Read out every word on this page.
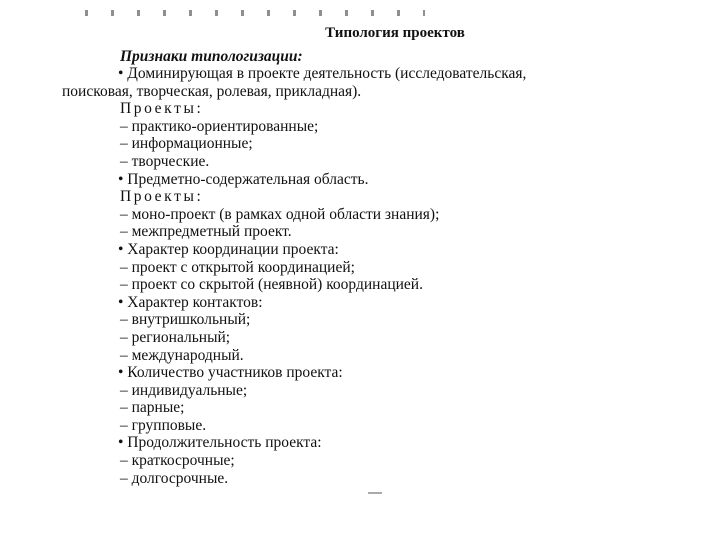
Типология проектов
Признаки типологизации:
• Доминирующая в проекте деятельность (исследовательская,
поисковая, творческая, ролевая, прикладная).
Проекты:
– практико-ориентированные;
– информационные;
– творческие.
• Предметно-содержательная область.
Проекты:
– моно-проект (в рамках одной области знания);
– межпредметный проект.
• Характер координации проекта:
– проект с открытой координацией;
– проект со скрытой (неявной) координацией.
• Характер контактов:
– внутришкольный;
– региональный;
– международный.
• Количество участников проекта:
– индивидуальные;
– парные;
– групповые.
• Продолжительность проекта:
– краткосрочные;
– долгосрочные.
